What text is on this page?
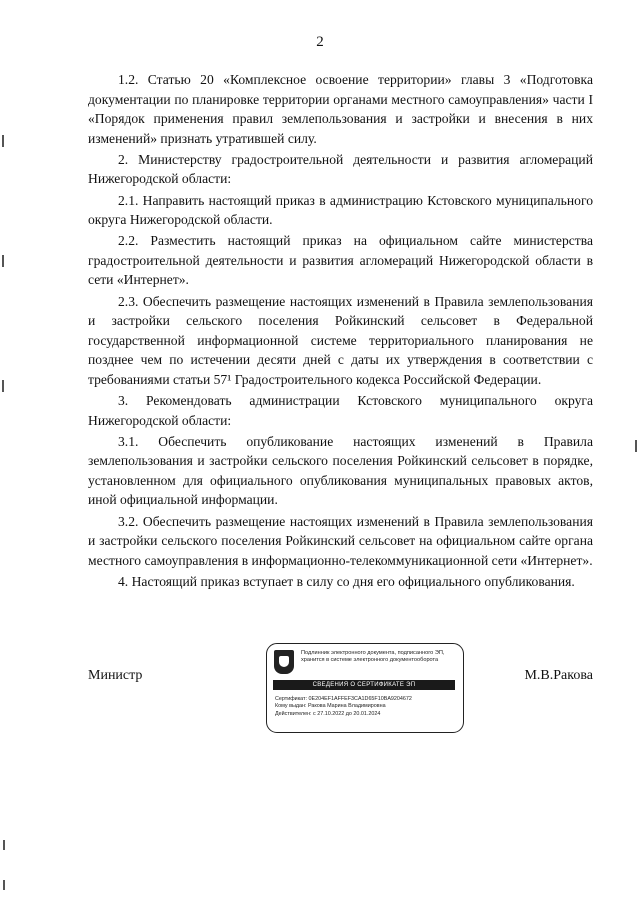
2

1.2. Статью 20 «Комплексное освоение территории» главы 3 «Подготовка документации по планировке территории органами местного самоуправления» части I «Порядок применения правил землепользования и застройки и внесения в них изменений» признать утратившей силу.

2. Министерству градостроительной деятельности и развития агломераций Нижегородской области:

2.1. Направить настоящий приказ в администрацию Кстовского муниципального округа Нижегородской области.

2.2. Разместить настоящий приказ на официальном сайте министерства градостроительной деятельности и развития агломераций Нижегородской области в сети «Интернет».

2.3. Обеспечить размещение настоящих изменений в Правила землепользования и застройки сельского поселения Ройкинский сельсовет в Федеральной государственной информационной системе территориального планирования не позднее чем по истечении десяти дней с даты их утверждения в соответствии с требованиями статьи 57¹ Градостроительного кодекса Российской Федерации.

3. Рекомендовать администрации Кстовского муниципального округа Нижегородской области:

3.1. Обеспечить опубликование настоящих изменений в Правила землепользования и застройки сельского поселения Ройкинский сельсовет в порядке, установленном для официального опубликования муниципальных правовых актов, иной официальной информации.

3.2. Обеспечить размещение настоящих изменений в Правила землепользования и застройки сельского поселения Ройкинский сельсовет на официальном сайте органа местного самоуправления в информационно-телекоммуникационной сети «Интернет».

4. Настоящий приказ вступает в силу со дня его официального опубликования.

Министр	М.В.Ракова
Подлинник электронного документа, подписанного ЭП, хранится в системе электронного документооборота
СВЕДЕНИЯ О СЕРТИФИКАТЕ ЭП
Сертификат: 0E204EF1AFFEF3CA1D65F10BA9204672
Кому выдан: Ракова Марина Владимировна
Действителен: с 27.10.2022 до 20.01.2024
